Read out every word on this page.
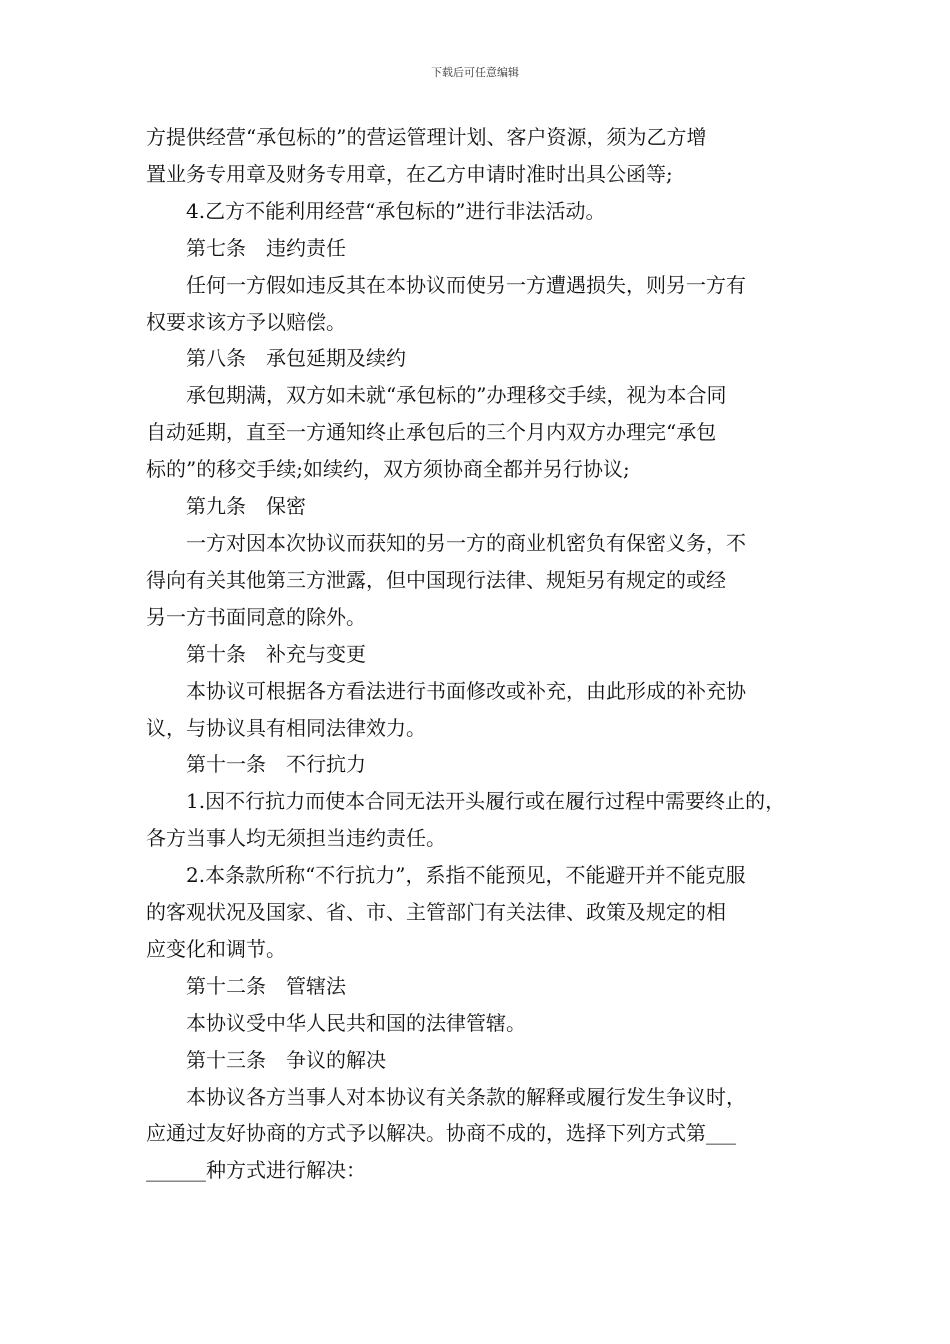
下载后可任意编辑
方提供经营“承包标的”的营运管理计划、客户资源，须为乙方增
置业务专用章及财务专用章，在乙方申请时准时出具公函等;
4.乙方不能利用经营“承包标的”进行非法活动。
第七条　违约责任
任何一方假如违反其在本协议而使另一方遭遇损失，则另一方有
权要求该方予以赔偿。
第八条　承包延期及续约
承包期满，双方如未就“承包标的”办理移交手续，视为本合同
自动延期，直至一方通知终止承包后的三个月内双方办理完“承包
标的”的移交手续;如续约，双方须协商全都并另行协议;
第九条　保密
一方对因本次协议而获知的另一方的商业机密负有保密义务，不
得向有关其他第三方泄露，但中国现行法律、规矩另有规定的或经
另一方书面同意的除外。
第十条　补充与变更
本协议可根据各方看法进行书面修改或补充，由此形成的补充协
议，与协议具有相同法律效力。
第十一条　不行抗力
1.因不行抗力而使本合同无法开头履行或在履行过程中需要终止的，
各方当事人均无须担当违约责任。
2.本条款所称“不行抗力”，系指不能预见，不能避开并不能克服
的客观状况及国家、省、市、主管部门有关法律、政策及规定的相
应变化和调节。
第十二条　管辖法
本协议受中华人民共和国的法律管辖。
第十三条　争议的解决
本协议各方当事人对本协议有关条款的解释或履行发生争议时，
应通过友好协商的方式予以解决。协商不成的，选择下列方式第___
______种方式进行解决：
